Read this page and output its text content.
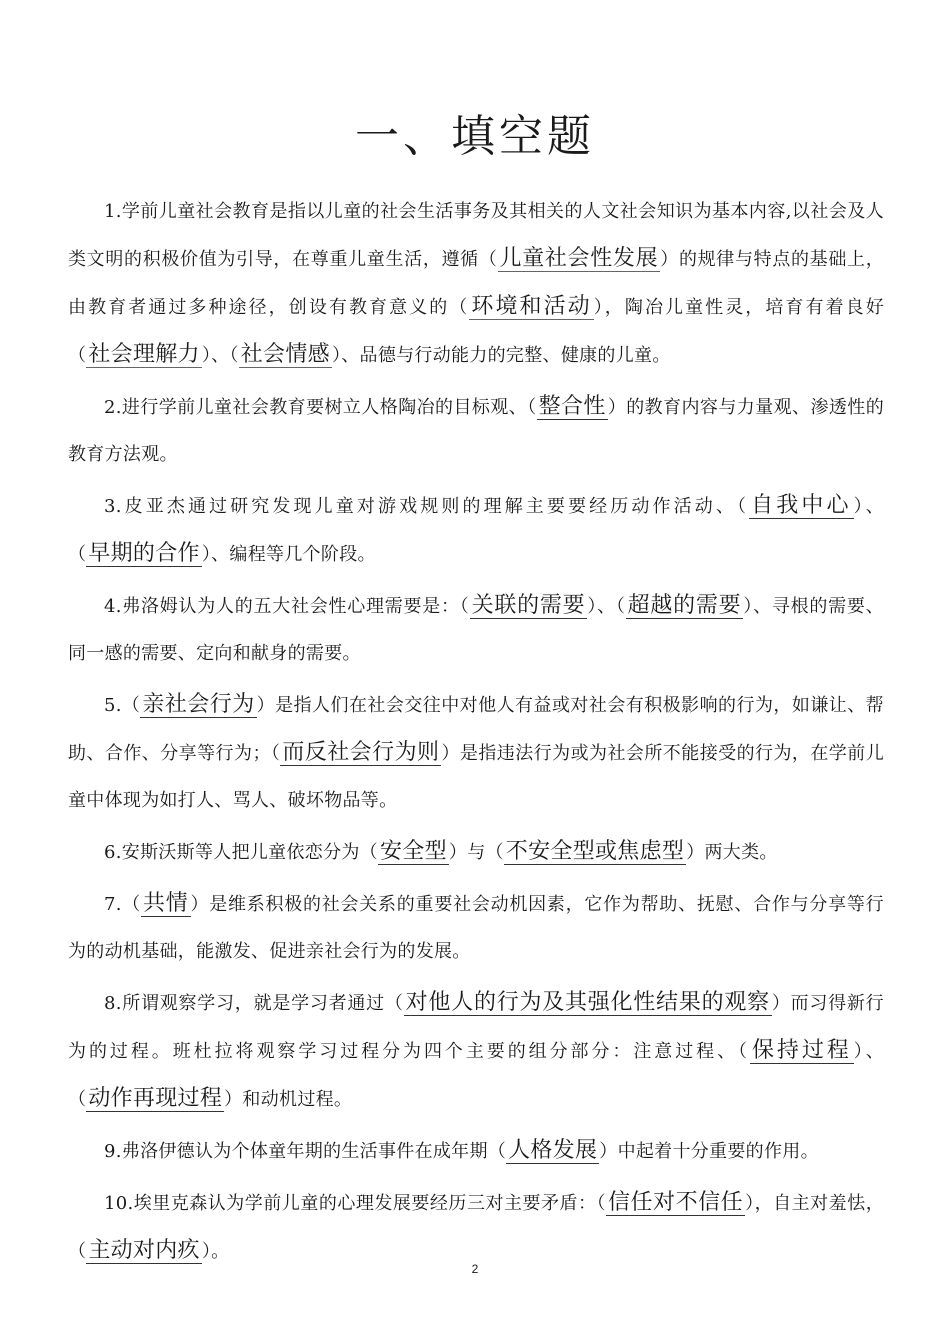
一、填空题

1.学前儿童社会教育是指以儿童的社会生活事务及其相关的人文社会知识为基本内容,以社会及人类文明的积极价值为引导，在尊重儿童生活，遵循（儿童社会性发展 ）的规律与特点的基础上，由教育者通过多种途径，创设有教育意义的（环境和活动 ），陶冶儿童性灵，培育有着良好（社会理解力 ）、（社会情感 ）、品德与行动能力的完整、健康的儿童。

2.进行学前儿童社会教育要树立人格陶冶的目标观、（整合性 ）的教育内容与力量观、渗透性的教育方法观。

3.皮亚杰通过研究发现儿童对游戏规则的理解主要要经历动作活动、（自我中心 ）、（早期的合作 ）、编程等几个阶段。

4.弗洛姆认为人的五大社会性心理需要是：（关联的需要 ）、（超越的需要 ）、寻根的需要、同一感的需要、定向和献身的需要。

5.（亲社会行为 ）是指人们在社会交往中对他人有益或对社会有积极影响的行为，如谦让、帮助、合作、分享等行为；（而反社会行为则 ）是指违法行为或为社会所不能接受的行为，在学前儿童中体现为如打人、骂人、破坏物品等。

6.安斯沃斯等人把儿童依恋分为（安全型 ）与（不安全型或焦虑型 ）两大类。

7.（共情 ）是维系积极的社会关系的重要社会动机因素，它作为帮助、抚慰、合作与分享等行为的动机基础，能激发、促进亲社会行为的发展。

8.所谓观察学习，就是学习者通过（对他人的行为及其强化性结果的观察 ）而习得新行为的过程。班杜拉将观察学习过程分为四个主要的组分部分：注意过程、（保持过程 ）、（动作再现过程 ）和动机过程。

9.弗洛伊德认为个体童年期的生活事件在成年期（人格发展 ）中起着十分重要的作用。

10.埃里克森认为学前儿童的心理发展要经历三对主要矛盾：（信任对不信任 ），自主对羞怯，（主动对内疚 ）。

2
